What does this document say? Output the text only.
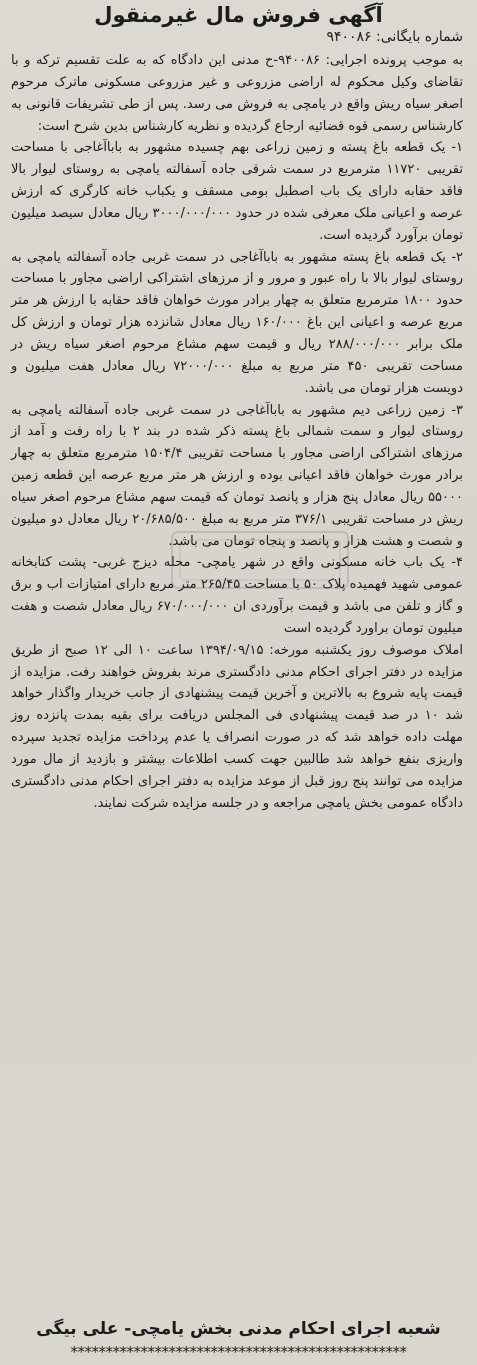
آگهی فروش مال غیرمنقول
شماره بایگانی: ۹۴۰۰۸۶

به موجب پرونده اجرایی: ۹۴۰۰۸۶-ح مدنی این دادگاه که به علت تقسیم ترکه و با تقاضای وکیل محکوم له اراضی مزروعی و غیر مزروعی مسکونی ماترک مرحوم اصغر سیاه ریش واقع در یامچی به فروش می رسد. پس از طی تشریفات قانونی به کارشناس رسمی قوه قضائیه ارجاع گردیده و نظریه کارشناس بدین شرح است:

۱- یک قطعه باغ پسته و زمین زراعی بهم چسیده مشهور به باباآغاجی با مساحت تقریبی ۱۱۷۲۰ مترمربع در سمت شرقی جاده آسفالته یامچی به روستای لیوار بالا فاقد حقابه دارای یک باب اصطبل بومی مسقف و یکباب خانه کارگری که ارزش عرصه و اعیانی ملک معرفی شده در حدود ۳۰۰۰/۰۰۰/۰۰۰ ریال معادل سیصد میلیون تومان برآورد گردیده است.

۲- یک قطعه باغ پسته مشهور به باباآغاجی در سمت غربی جاده آسفالته یامچی به روستای لیوار بالا با راه عبور و مرور و از مرزهای اشتراکی اراضی مجاور با مساحت حدود ۱۸۰۰ مترمربع متعلق به چهار برادر مورث خواهان فاقد حقابه با ارزش هر متر مربع عرصه و اعیانی این باغ ۱۶۰/۰۰۰ ریال معادل شانزده هزار تومان و ارزش کل ملک برابر ۲۸۸/۰۰۰/۰۰۰ ریال و قیمت سهم مشاع مرحوم اصغر سیاه ریش در مساحت تقریبی ۴۵۰ متر مربع به مبلغ ۷۲۰۰۰/۰۰۰ ریال معادل هفت میلیون و دویست هزار تومان می باشد.

۳- زمین زراعی دیم مشهور به باباآغاجی در سمت غربی جاده آسفالته یامچی به روستای لیوار و سمت شمالی باغ پسته ذکر شده در بند ۲ با راه رفت و آمد از مرزهای اشتراکی اراضی مجاور با مساحت تقریبی ۱۵۰۴/۴ مترمربع متعلق به چهار برادر مورث خواهان فاقد اعیانی بوده و ارزش هر متر مربع عرصه این قطعه زمین ۵۵۰۰۰ ریال معادل پنج هزار و پانصد تومان که قیمت سهم مشاع مرحوم اصغر سیاه ریش در مساحت تقریبی ۳۷۶/۱ متر مربع به مبلغ ۲۰/۶۸۵/۵۰۰ ریال معادل دو میلیون و شصت و هشت هزار و پانصد و پنجاه تومان می باشد.

۴- یک باب خانه مسکونی واقع در شهر یامچی- محله دیزج غربی- پشت کتابخانه عمومی شهید فهمیده پلاک ۵۰ با مساحت ۲۶۵/۴۵ متر مربع دارای امتیازات اب و برق و گاز و تلفن می باشد و قیمت برآوردی ان ۶۷۰/۰۰۰/۰۰۰ ریال معادل شصت و هفت میلیون تومان براورد گردیده است

املاک موصوف روز یکشنبه مورخه: ۱۳۹۴/۰۹/۱۵ ساعت ۱۰ الی ۱۲ صبح از طریق مزایده در دفتر اجرای احکام مدنی دادگستری مرند بفروش خواهند رفت. مزایده از قیمت پایه شروع به بالاترین و آخرین قیمت پیشنهادی از جانب خریدار واگذار خواهد شد ۱۰ در صد قیمت پیشنهادی فی المجلس دریافت برای بقیه بمدت پانزده روز مهلت داده خواهد شد که در صورت انصراف یا عدم پرداخت مزایده تجدید سپرده واریزی بنفع خواهد شد طالبین جهت کسب اطلاعات بیشتر و بازدید از مال مورد مزایده می توانند پنج روز قبل از موعد مزایده به دفتر اجرای احکام مدنی دادگستری دادگاه عمومی بخش یامچی مراجعه و در جلسه مزایده شرکت نمایند.

شعبه اجرای احکام مدنی بخش یامچی- علی بیگی
************************************************
